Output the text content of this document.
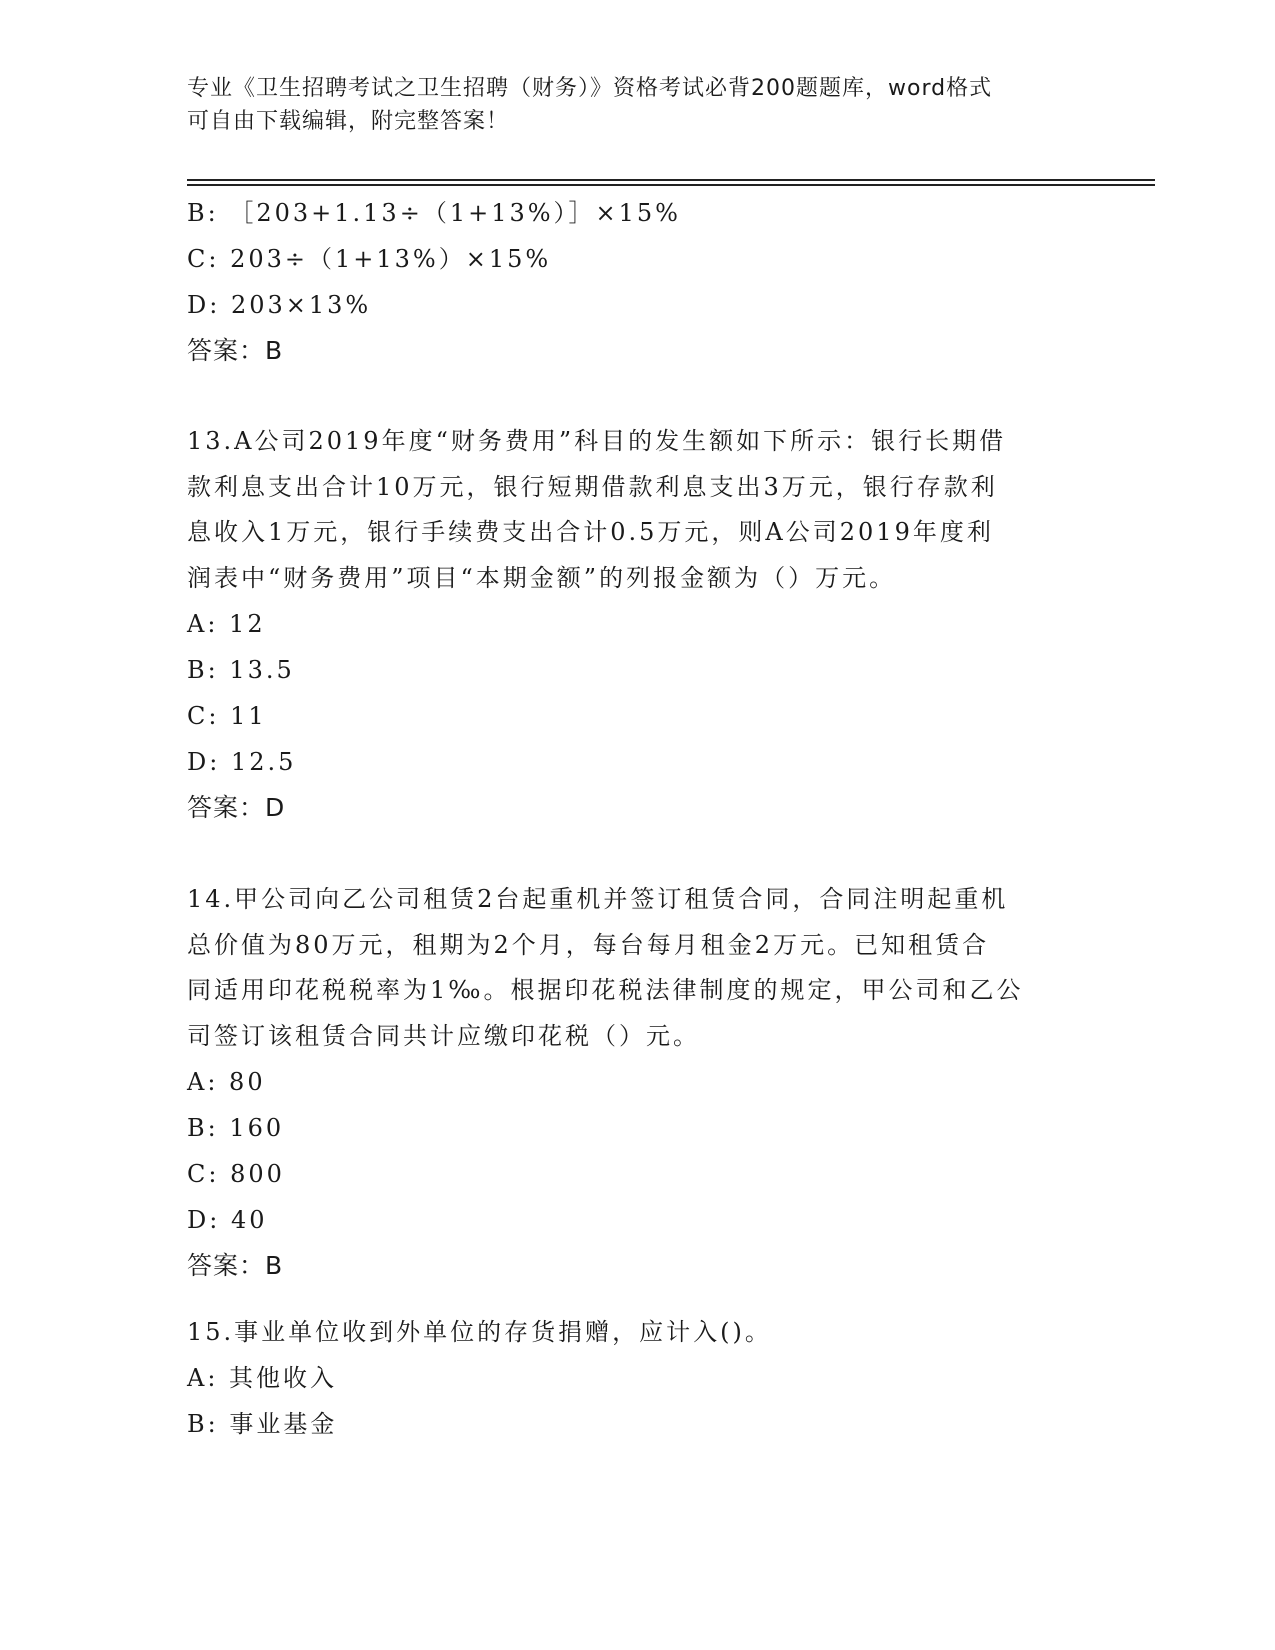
专业《卫生招聘考试之卫生招聘（财务）》资格考试必背200题题库，word格式
可自由下载编辑，附完整答案！
B: ［203+1.13÷（1+13%）］×15%
C: 203÷（1+13%）×15%
D: 203×13%
答案：B
13.A公司2019年度“财务费用”科目的发生额如下所示：银行长期借
款利息支出合计10万元，银行短期借款利息支出3万元，银行存款利
息收入1万元，银行手续费支出合计0.5万元，则A公司2019年度利
润表中“财务费用”项目“本期金额”的列报金额为（）万元。
A: 12
B: 13.5
C: 11
D: 12.5
答案：D
14.甲公司向乙公司租赁2台起重机并签订租赁合同，合同注明起重机
总价值为80万元，租期为2个月，每台每月租金2万元。已知租赁合
同适用印花税税率为1‰。根据印花税法律制度的规定，甲公司和乙公
司签订该租赁合同共计应缴印花税（）元。
A: 80
B: 160
C: 800
D: 40
答案：B
15.事业单位收到外单位的存货捐赠，应计入()。
A: 其他收入
B: 事业基金
